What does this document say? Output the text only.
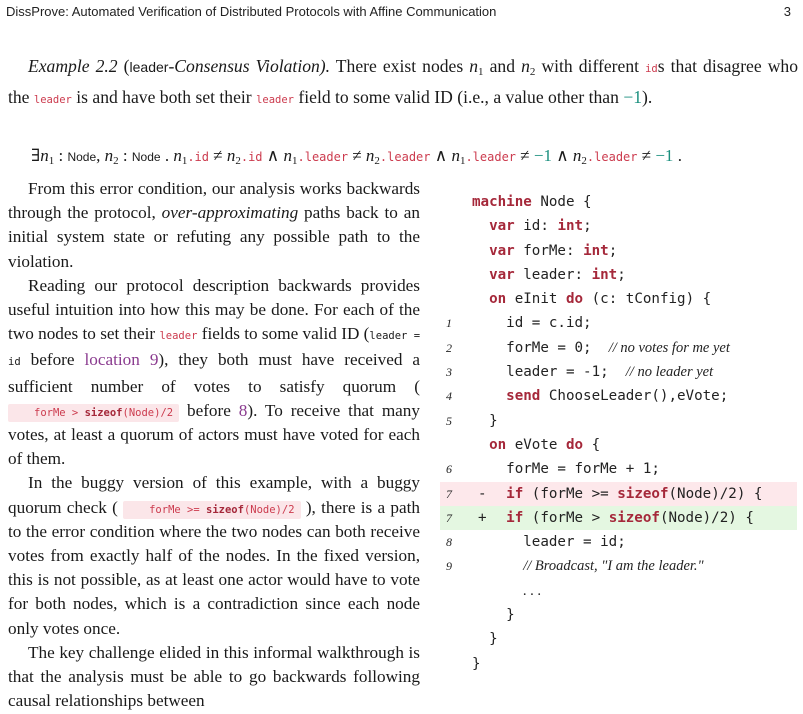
DissProve: Automated Verification of Distributed Protocols with Affine Communication	3
Example 2.2 (leader-Consensus Violation). There exist nodes $n_1$ and $n_2$ with different ids that disagree who the leader is and have both set their leader field to some valid ID (i.e., a value other than −1).
$\exists n_1$ : Node, $n_2$ : Node . $n_1.id \ne n_2.id$ ∧ $n_1.leader$ ≠ $n_2.leader$ ∧ $n_1.leader \ne -1$ ∧ $n_2.leader \ne -1$ .

From this error condition, our analysis works backwards through the protocol, over-approximating paths back to an initial system state or refuting any possible path to the violation.

Reading our protocol description backwards provides useful intuition into how this may be done. For each of the two nodes to set their leader fields to some valid ID (leader = id before location 9), they both must have received a sufficient number of votes to satisfy quorum ( forMe > sizeof(Node)/2 before 8). To receive that many votes, at least a quorum of actors must have voted for each of them.

In the buggy version of this example, with a buggy quorum check (	forMe >= sizeof(Node)/2 ), there is a path to the error condition where the two nodes can both receive votes from exactly half of the nodes. In the fixed version, this is not possible, as at least one actor would have to vote for both nodes, which is a contradiction since each node only votes once.

The key challenge elided in this informal walkthrough is that the analysis must be able to go backwards following causal relationships between

machine Node {
var id: int;
var forMe: int;
var leader: int;
on eInit do (c: tConfig) {
1	id = c.id;
2	forMe = 0; // no votes for me yet
3	leader = -1; // no leader yet
4	send ChooseLeader(),eVote;
5	}
on eVote do {
6	forMe = forMe + 1;
7	-	if (forMe >= sizeof(Node)/2) {
7	+	if (forMe > sizeof(Node)/2) {
8	leader = id;
9	// Broadcast, "I am the leader."
. . .
}
}
}
